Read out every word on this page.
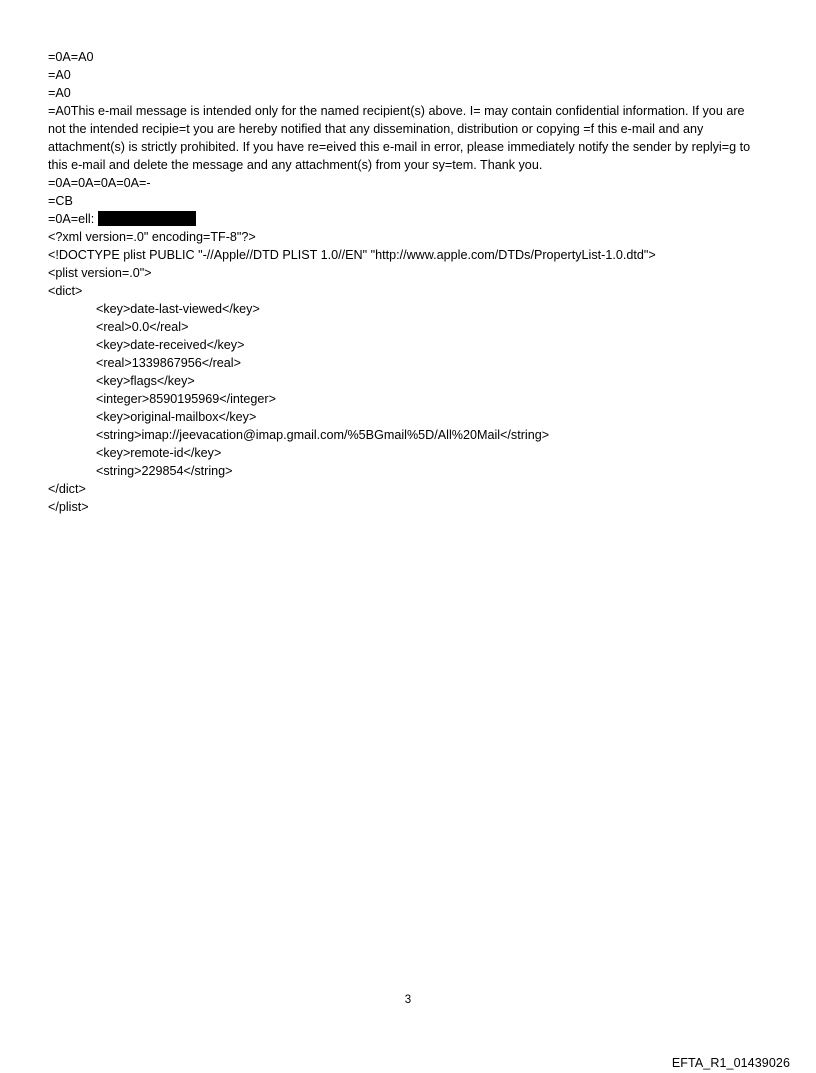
=0A=A0
=A0
=A0
=A0This e-mail message is intended only for the named recipient(s) above. I= may contain confidential information. If you are not the intended recipie=t you are hereby notified that any dissemination, distribution or copying =f this e-mail and any attachment(s) is strictly prohibited. If you have re=eived this e-mail in error, please immediately notify the sender by replyi=g to this e-mail and delete the message and any attachment(s) from your sy=tem. Thank you.
=0A=0A=0A=0A=-
=CB
=0A=ell:
<?xml version=.0" encoding=TF-8"?>
<!DOCTYPE plist PUBLIC "-//Apple//DTD PLIST 1.0//EN" "http://www.apple.com/DTDs/PropertyList-1.0.dtd">
<plist version=.0">
<dict>
<key>date-last-viewed</key>
<real>0.0</real>
<key>date-received</key>
<real>1339867956</real>
<key>flags</key>
<integer>8590195969</integer>
<key>original-mailbox</key>
<string>imap://jeevacation@imap.gmail.com/%5BGmail%5D/All%20Mail</string>
<key>remote-id</key>
<string>229854</string>
</dict>
</plist>
3
EFTA_R1_01439026
